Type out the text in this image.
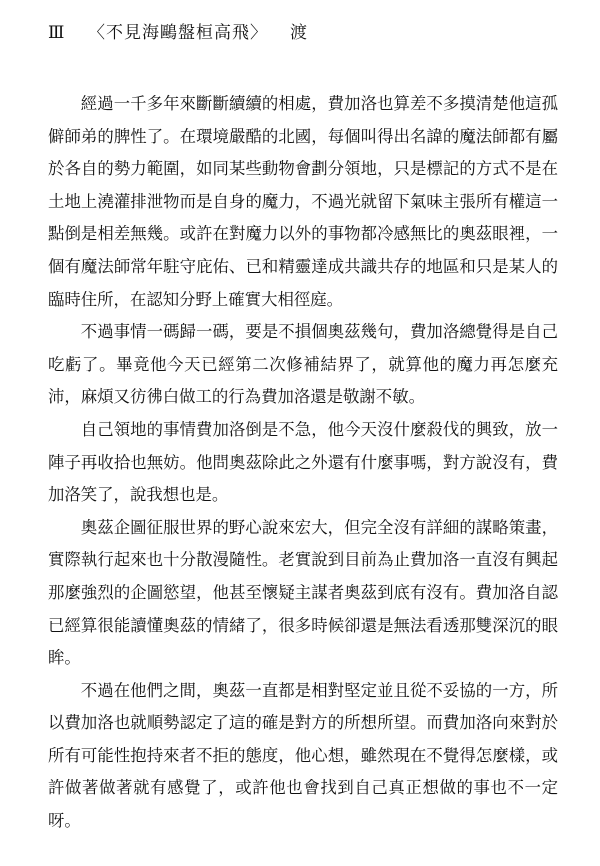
Ⅲ 〈不見海鷗盤桓高飛〉 渡

經過一千多年來斷斷續續的相處，費加洛也算差不多摸清楚他這孤僻師弟的脾性了。在環境嚴酷的北國，每個叫得出名諱的魔法師都有屬於各自的勢力範圍，如同某些動物會劃分領地，只是標記的方式不是在土地上澆灌排泄物而是自身的魔力，不過光就留下氣味主張所有權這一點倒是相差無幾。或許在對魔力以外的事物都冷感無比的奧茲眼裡，一個有魔法師常年駐守庇佑、已和精靈達成共識共存的地區和只是某人的臨時住所，在認知分野上確實大相徑庭。

不過事情一碼歸一碼，要是不損個奧茲幾句，費加洛總覺得是自己吃虧了。畢竟他今天已經第二次修補結界了，就算他的魔力再怎麼充沛，麻煩又彷彿白做工的行為費加洛還是敬謝不敏。

自己領地的事情費加洛倒是不急，他今天沒什麼殺伐的興致，放一陣子再收拾也無妨。他問奧茲除此之外還有什麼事嗎，對方說沒有，費加洛笑了，說我想也是。

奧茲企圖征服世界的野心說來宏大，但完全沒有詳細的謀略策畫，實際執行起來也十分散漫隨性。老實說到目前為止費加洛一直沒有興起那麼強烈的企圖慾望，他甚至懷疑主謀者奧茲到底有沒有。費加洛自認已經算很能讀懂奧茲的情緒了，很多時候卻還是無法看透那雙深沉的眼眸。

不過在他們之間，奧茲一直都是相對堅定並且從不妥協的一方，所以費加洛也就順勢認定了這的確是對方的所想所望。而費加洛向來對於所有可能性抱持來者不拒的態度，他心想，雖然現在不覺得怎麼樣，或許做著做著就有感覺了，或許他也會找到自己真正想做的事也不一定呀。
